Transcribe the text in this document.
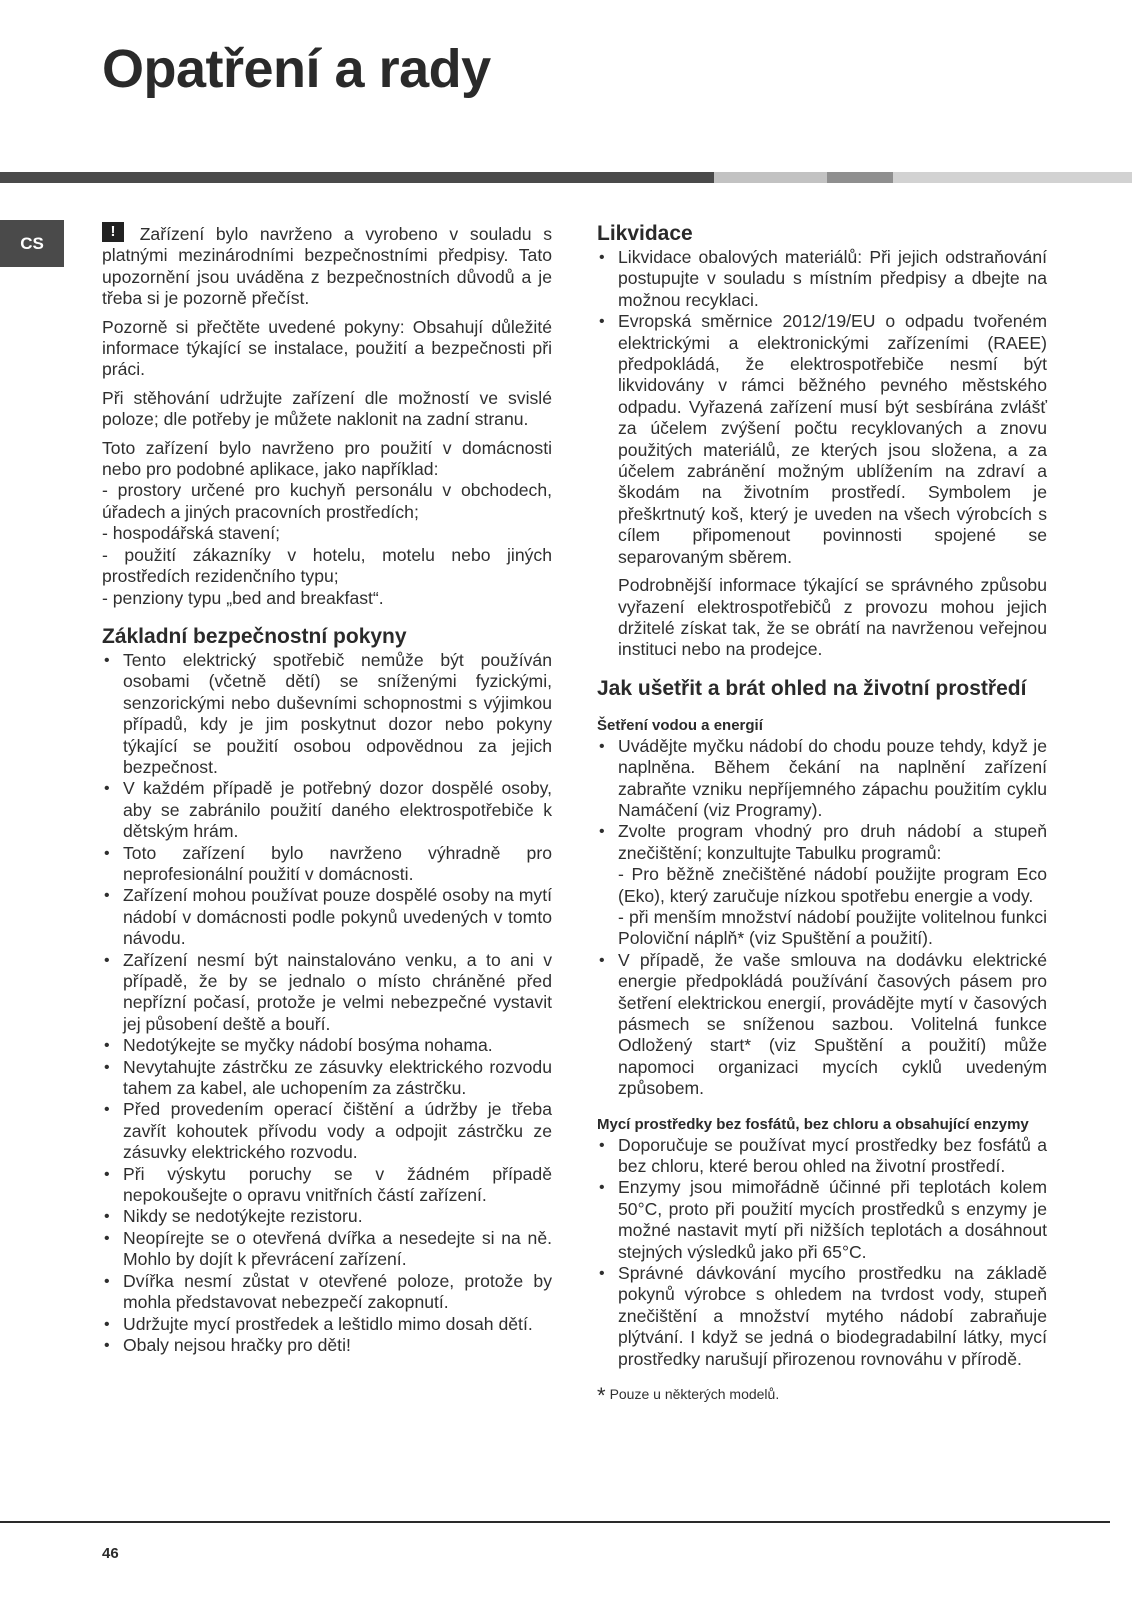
Opatření a rady
CS

!	Zařízení bylo navrženo a vyrobeno v souladu s platnými mezinárodními bezpečnostními předpisy. Tato upozornění jsou uváděna z bezpečnostních důvodů a je třeba si je pozorně přečíst.

Pozorně si přečtěte uvedené pokyny: Obsahují důležité informace týkající se instalace, použití a bezpečnosti při práci.

Při stěhování udržujte zařízení dle možností ve svislé poloze; dle potřeby je můžete naklonit na zadní stranu.

Toto zařízení bylo navrženo pro použití v domácnosti nebo pro podobné aplikace, jako například:
- prostory určené pro kuchyň personálu v obchodech, úřadech a jiných pracovních prostředích;
- hospodářská stavení;
- použití zákazníky v hotelu, motelu nebo jiných prostředích rezidenčního typu;
- penziony typu „bed and breakfast“.

Základní bezpečnostní pokyny
• Tento elektrický spotřebič nemůže být používán osobami (včetně dětí) se sníženými fyzickými, senzorickými nebo duševními schopnostmi s výjimkou případů, kdy je jim poskytnut dozor nebo pokyny týkající se použití osobou odpovědnou za jejich bezpečnost.
• V každém případě je potřebný dozor dospělé osoby, aby se zabránilo použití daného elektrospotřebiče k dětským hrám.
• Toto zařízení bylo navrženo výhradně pro neprofesionální použití v domácnosti.
• Zařízení mohou používat pouze dospělé osoby na mytí nádobí v domácnosti podle pokynů uvedených v tomto návodu.
• Zařízení nesmí být nainstalováno venku, a to ani v případě, že by se jednalo o místo chráněné před nepřízní počasí, protože je velmi nebezpečné vystavit jej působení deště a bouří.
• Nedotýkejte se myčky nádobí bosýma nohama.
• Nevytahujte zástrčku ze zásuvky elektrického rozvodu tahem za kabel, ale uchopením za zástrčku.
• Před provedením operací čištění a údržby je třeba zavřít kohoutek přívodu vody a odpojit zástrčku ze zásuvky elektrického rozvodu.
• Při výskytu poruchy se v žádném případě nepokoušejte o opravu vnitřních částí zařízení.
• Nikdy se nedotýkejte rezistoru.
• Neopírejte se o otevřená dvířka a nesedejte si na ně. Mohlo by dojít k převrácení zařízení.
• Dvířka nesmí zůstat v otevřené poloze, protože by mohla představovat nebezpečí zakopnutí.
• Udržujte mycí prostředek a leštidlo mimo dosah dětí.
• Obaly nejsou hračky pro děti!
Likvidace
• Likvidace obalových materiálů: Při jejich odstraňování postupujte v souladu s místním předpisy a dbejte na možnou recyklaci.
• Evropská směrnice 2012/19/EU o odpadu tvořeném elektrickými a elektronickými zařízeními (RAEE) předpokládá, že elektrospotřebiče nesmí být likvidovány v rámci běžného pevného městského odpadu. Vyřazená zařízení musí být sesbírána zvlášť za účelem zvýšení počtu recyklovaných a znovu použitých materiálů, ze kterých jsou složena, a za účelem zabránění možným ublížením na zdraví a škodám na životním prostředí. Symbolem je přeškrtnutý koš, který je uveden na všech výrobcích s cílem připomenout povinnosti spojené se separovaným sběrem.

Podrobnější informace týkající se správného způsobu vyřazení elektrospotřebičů z provozu mohou jejich držitelé získat tak, že se obrátí na navrženou veřejnou instituci nebo na prodejce.

Jak ušetřit a brát ohled na životní prostředí
Šetření vodou a energií
• Uvádějte myčku nádobí do chodu pouze tehdy, když je naplněna. Během čekání na naplnění zařízení zabraňte vzniku nepříjemného zápachu použitím cyklu Namáčení (viz Programy).
• Zvolte program vhodný pro druh nádobí a stupeň znečištění; konzultujte Tabulku programů:
- Pro běžně znečištěné nádobí použijte program Eco (Eko), který zaručuje nízkou spotřebu energie a vody.
- při menším množství nádobí použijte volitelnou funkci Poloviční náplň* (viz Spuštění a použití).
• V případě, že vaše smlouva na dodávku elektrické energie předpokládá používání časových pásem pro šetření elektrickou energií, provádějte mytí v časových pásmech se sníženou sazbou. Volitelná funkce Odložený start* (viz Spuštění a použití) může napomoci organizaci mycích cyklů uvedeným způsobem.
Mycí prostředky bez fosfátů, bez chloru a obsahující enzymy
• Doporučuje se používat mycí prostředky bez fosfátů a bez chloru, které berou ohled na životní prostředí.
• Enzymy jsou mimořádně účinné při teplotách kolem 50°C, proto při použití mycích prostředků s enzymy je možné nastavit mytí při nižších teplotách a dosáhnout stejných výsledků jako při 65°C.
• Správné dávkování mycího prostředku na základě pokynů výrobce s ohledem na tvrdost vody, stupeň znečištění a množství mytého nádobí zabraňuje plýtvání. I když se jedná o biodegradabilní látky, mycí prostředky narušují přirozenou rovnováhu v přírodě.
* Pouze u některých modelů.
46
